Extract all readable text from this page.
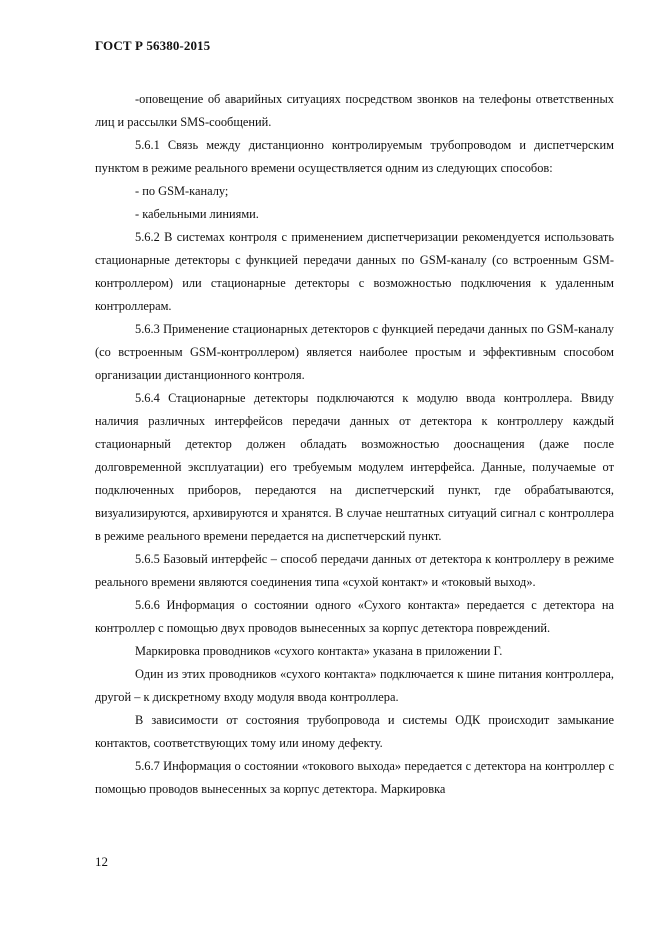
ГОСТ Р 56380-2015

-оповещение об аварийных ситуациях посредством звонков на телефоны ответственных лиц и рассылки SMS-сообщений.

5.6.1 Связь между дистанционно контролируемым трубопроводом и диспетчерским пунктом в режиме реального времени осуществляется одним из следующих способов:

- по GSM-каналу;

- кабельными линиями.

5.6.2 В системах контроля с применением диспетчеризации рекомендуется использовать стационарные детекторы с функцией передачи данных по GSM-каналу (со встроенным GSM-контроллером) или стационарные детекторы с возможностью подключения к удаленным контроллерам.

5.6.3 Применение стационарных детекторов с функцией передачи данных по GSM-каналу (со встроенным GSM-контроллером) является наиболее простым и эффективным способом организации дистанционного контроля.

5.6.4 Стационарные детекторы подключаются к модулю ввода контроллера. Ввиду наличия различных интерфейсов передачи данных от детектора к контроллеру каждый стационарный детектор должен обладать возможностью дооснащения (даже после долговременной эксплуатации) его требуемым модулем интерфейса. Данные, получаемые от подключенных приборов, передаются на диспетчерский пункт, где обрабатываются, визуализируются, архивируются и хранятся. В случае нештатных ситуаций сигнал с контроллера в режиме реального времени передается на диспетчерский пункт.

5.6.5 Базовый интерфейс – способ передачи данных от детектора к контроллеру в режиме реального времени являются соединения типа «сухой контакт» и «токовый выход».

5.6.6 Информация о состоянии одного «Сухого контакта» передается с детектора на контроллер с помощью двух проводов вынесенных за корпус детектора повреждений.

Маркировка проводников «сухого контакта» указана в приложении Г.

Один из этих проводников «сухого контакта» подключается к шине питания контроллера, другой – к дискретному входу модуля ввода контроллера.

В зависимости от состояния трубопровода и системы ОДК происходит замыкание контактов, соответствующих тому или иному дефекту.

5.6.7 Информация о состоянии «токового выхода» передается с детектора на контроллер с помощью проводов вынесенных за корпус детектора. Маркировка

12
